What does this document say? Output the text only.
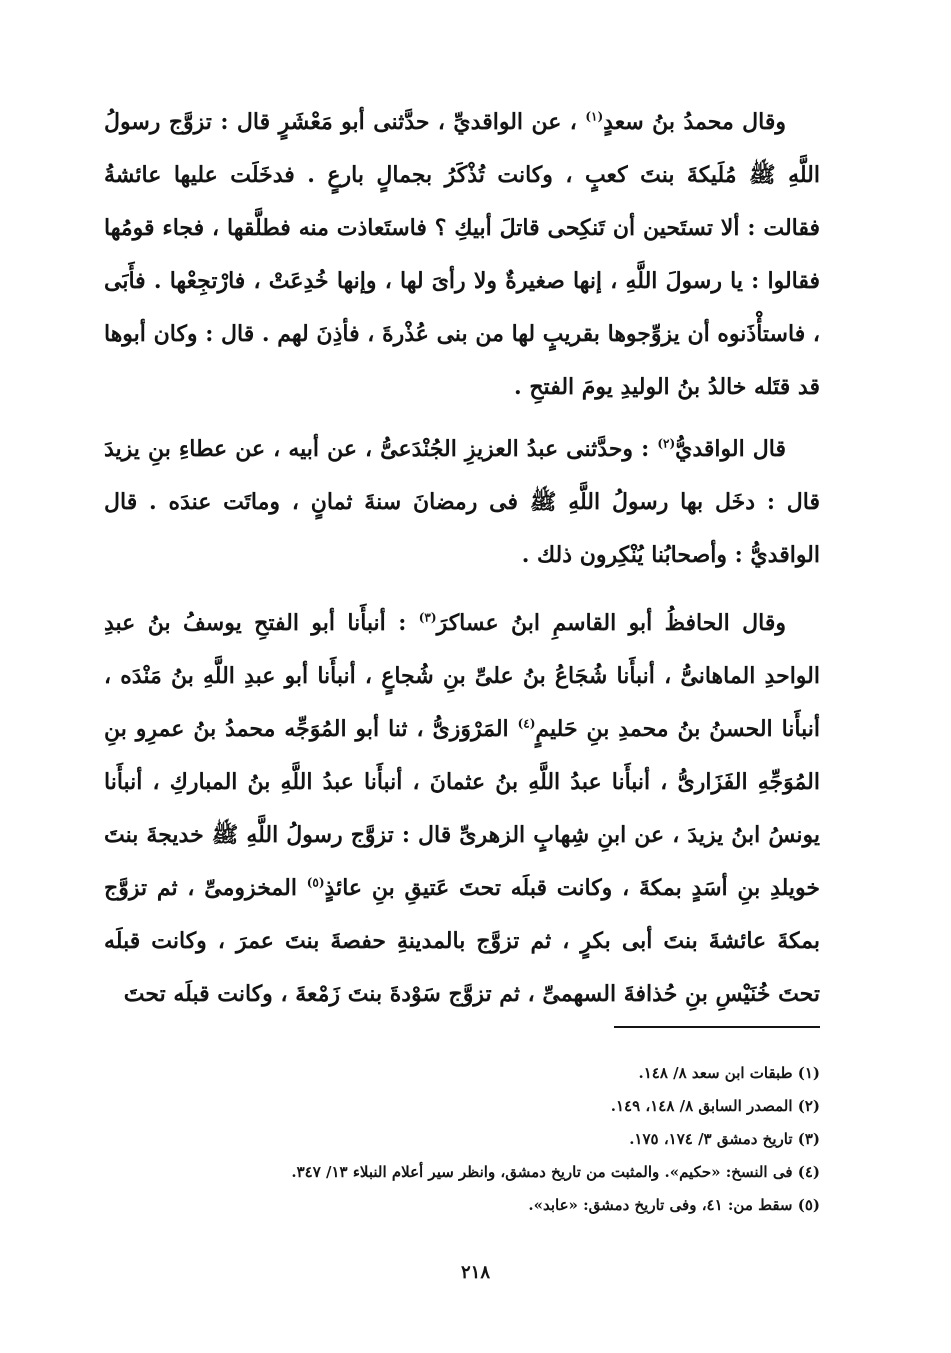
وقال محمدُ بنُ سعدٍ$^{(١)}$ ، عن الواقديِّ ، حدَّثنى أبو مَعْشَرٍ قال : تزوَّج رسولُ اللَّهِ ﷺ مُلَيكةَ بنتَ كعبٍ ، وكانت تُذْكَرُ بجمالٍ بارعٍ . فدخَلَت عليها عائشةُ فقالت : ألا تستَحين أن تَنكِحى قاتلَ أبيكِ ؟ فاستَعاذت منه فطلَّقها ، فجاء قومُها فقالوا : يا رسولَ اللَّهِ ، إنها صغيرةٌ ولا رأىَ لها ، وإنها خُدِعَتْ ، فارْتجِعْها . فأَبَى ، فاستأْذَنوه أن يزوِّجوها بقريبٍ لها من بنى عُذْرةَ ، فأذِنَ لهم . قال : وكان أبوها قد قتَله خالدُ بنُ الوليدِ يومَ الفتحِ .

قال الواقديُّ$^{(٢)}$ : وحدَّثنى عبدُ العزيزِ الجُنْدَعىُّ ، عن أبيه ، عن عطاءِ بنِ يزيدَ قال : دخَل بها رسولُ اللَّهِ ﷺ فى رمضانَ سنةَ ثمانٍ ، وماتَت عندَه . قال الواقديُّ : وأصحابُنا يُنْكِرون ذلك .

وقال الحافظُ أبو القاسمِ ابنُ عساكرَ$^{(٣)}$ : أنبأَنا أبو الفتحِ يوسفُ بنُ عبدِ الواحدِ الماهانىُّ ، أنبأَنا شُجَاعُ بنُ علىِّ بنِ شُجاعٍ ، أنبأَنا أبو عبدِ اللَّهِ بنُ مَنْدَه ، أنبأَنا الحسنُ بنُ محمدِ بنِ حَليمٍ$^{(٤)}$ المَرْوَزىُّ ، ثنا أبو المُوَجِّه محمدُ بنُ عمرِو بنِ المُوَجِّهِ الفَزَارىُّ ، أنبأَنا عبدُ اللَّهِ بنُ عثمانَ ، أنبأَنا عبدُ اللَّهِ بنُ المباركِ ، أنبأَنا يونسُ ابنُ يزيدَ ، عن ابنِ شِهابٍ الزهرىِّ قال : تزوَّج رسولُ اللَّهِ ﷺ خديجةَ بنتَ خويلدِ بنِ أسَدٍ بمكةَ ، وكانت قبلَه تحتَ عَتيقِ بنِ عائذٍ$^{(٥)}$ المخزومىِّ ، ثم تزوَّج بمكةَ عائشةَ بنتَ أبى بكرٍ ، ثم تزوَّج بالمدينةِ حفصةَ بنتَ عمرَ ، وكانت قبلَه تحتَ خُنَيْسِ بنِ حُذافةَ السهمىِّ ، ثم تزوَّج سَوْدةَ بنتَ زَمْعةَ ، وكانت قبلَه تحتَ

(١) طبقات ابن سعد ٨/ ١٤٨.

(٢) المصدر السابق ٨/ ١٤٨، ١٤٩.

(٣) تاريخ دمشق ٣/ ١٧٤، ١٧٥.

(٤) فى النسخ: «حكيم». والمثبت من تاريخ دمشق، وانظر سير أعلام النبلاء ١٣/ ٣٤٧.

(٥) سقط من: ٤١، وفى تاريخ دمشق: «عابد».

٢١٨
